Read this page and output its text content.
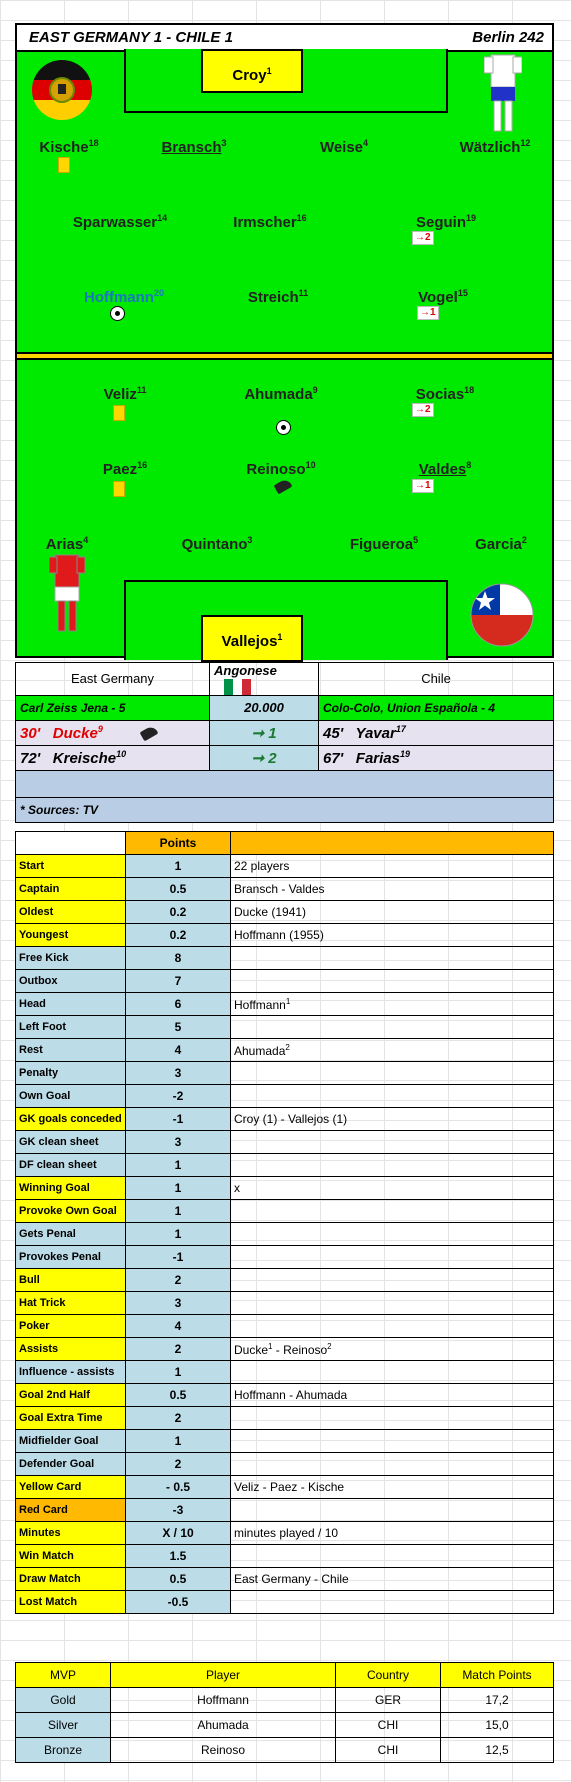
EAST GERMANY 1 - CHILE 1	Berlin 242
Croy$^1$
Vallejos$^1$
Kische$^{18}$	Bransch$^3$	Weise$^4$	Wätzlich$^{12}$
Sparwasser$^{14}$	Irmscher$^{16}$	Seguin$^{19}$
→2
Hoffmann$^{20}$	Streich$^{11}$	Vogel$^{15}$
→1
Veliz$^{11}$	Ahumada$^9$	Socias$^{18}$
→2
Paez$^{16}$	Reinoso$^{10}$	Valdes$^8$
→1
Arias$^4$	Quintano$^3$	Figueroa$^5$	Garcia$^2$
East Germany	Angonese	Chile
Carl Zeiss Jena - 5	20.000	Colo-Colo, Union Española - 4
30' Ducke$^9$	➞ 1	45' Yavar$^{17}$
72' Kreische$^{10}$	➞ 2	67' Farias$^{19}$

* Sources: TV		
	Points	
Start	1	22 players
Captain	0.5	Bransch - Valdes
Oldest	0.2	Ducke (1941)
Youngest	0.2	Hoffmann (1955)
Free Kick	8	
Outbox	7	
Head	6	Hoffmann$^1$
Left Foot	5	
Rest	4	Ahumada$^2$
Penalty	3	
Own Goal	-2	
GK goals conceded	-1	Croy (1) - Vallejos (1)
GK clean sheet	3	
DF clean sheet	1	
Winning Goal	1	x
Provoke Own Goal	1	
Gets Penal	1	
Provokes Penal	-1	
Bull	2	
Hat Trick	3	
Poker	4	
Assists	2	Ducke$^1$ - Reinoso$^2$
Influence - assists	1	
Goal 2nd Half	0.5	Hoffmann - Ahumada
Goal Extra Time	2	
Midfielder Goal	1	
Defender Goal	2	
Yellow Card	- 0.5	Veliz - Paez - Kische
Red Card	-3	
Minutes	X / 10	minutes played / 10
Win Match	1.5	
Draw Match	0.5	East Germany - Chile
Lost Match	-0.5	
MVP	Player	Country	Match Points
Gold	Hoffmann	GER	17,2
Silver	Ahumada	CHI	15,0
Bronze	Reinoso	CHI	12,5
